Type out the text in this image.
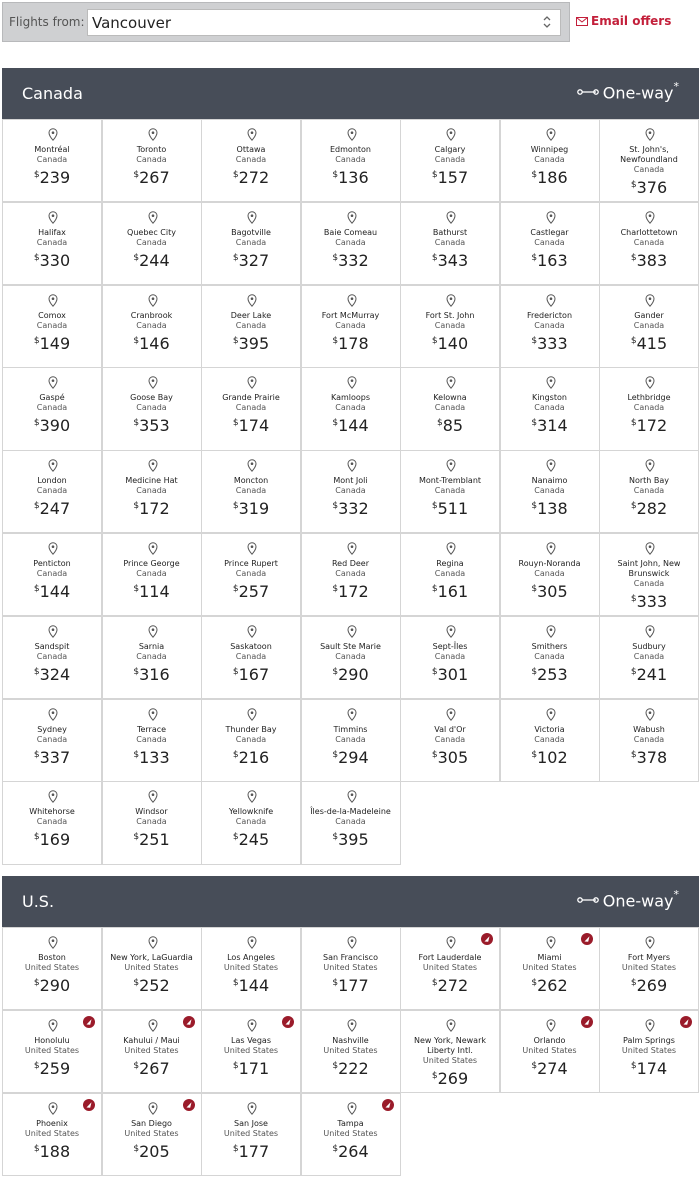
Flights from: Vancouver	Email offers
Canada	One-way*
Montréal
Canada
$239
Toronto
Canada
$267
Ottawa
Canada
$272
Edmonton
Canada
$136
Calgary
Canada
$157
Winnipeg
Canada
$186
St. John's, Newfoundland
Canada
$376
Halifax
Canada
$330
Quebec City
Canada
$244
Bagotville
Canada
$327
Baie Comeau
Canada
$332
Bathurst
Canada
$343
Castlegar
Canada
$163
Charlottetown
Canada
$383
Comox
Canada
$149
Cranbrook
Canada
$146
Deer Lake
Canada
$395
Fort McMurray
Canada
$178
Fort St. John
Canada
$140
Fredericton
Canada
$333
Gander
Canada
$415
Gaspé
Canada
$390
Goose Bay
Canada
$353
Grande Prairie
Canada
$174
Kamloops
Canada
$144
Kelowna
Canada
$85
Kingston
Canada
$314
Lethbridge
Canada
$172
London
Canada
$247
Medicine Hat
Canada
$172
Moncton
Canada
$319
Mont Joli
Canada
$332
Mont-Tremblant
Canada
$511
Nanaimo
Canada
$138
North Bay
Canada
$282
Penticton
Canada
$144
Prince George
Canada
$114
Prince Rupert
Canada
$257
Red Deer
Canada
$172
Regina
Canada
$161
Rouyn-Noranda
Canada
$305
Saint John, New Brunswick
Canada
$333
Sandspit
Canada
$324
Sarnia
Canada
$316
Saskatoon
Canada
$167
Sault Ste Marie
Canada
$290
Sept-Îles
Canada
$301
Smithers
Canada
$253
Sudbury
Canada
$241
Sydney
Canada
$337
Terrace
Canada
$133
Thunder Bay
Canada
$216
Timmins
Canada
$294
Val d'Or
Canada
$305
Victoria
Canada
$102
Wabush
Canada
$378
Whitehorse
Canada
$169
Windsor
Canada
$251
Yellowknife
Canada
$245
Îles-de-la-Madeleine
Canada
$395
U.S.	One-way*
Boston
United States
$290
New York, LaGuardia
United States
$252
Los Angeles
United States
$144
San Francisco
United States
$177
Fort Lauderdale
United States
$272
Miami
United States
$262
Fort Myers
United States
$269
Honolulu
United States
$259
Kahului / Maui
United States
$267
Las Vegas
United States
$171
Nashville
United States
$222
New York, Newark Liberty Intl.
United States
$269
Orlando
United States
$274
Palm Springs
United States
$174
Phoenix
United States
$188
San Diego
United States
$205
San Jose
United States
$177
Tampa
United States
$264
